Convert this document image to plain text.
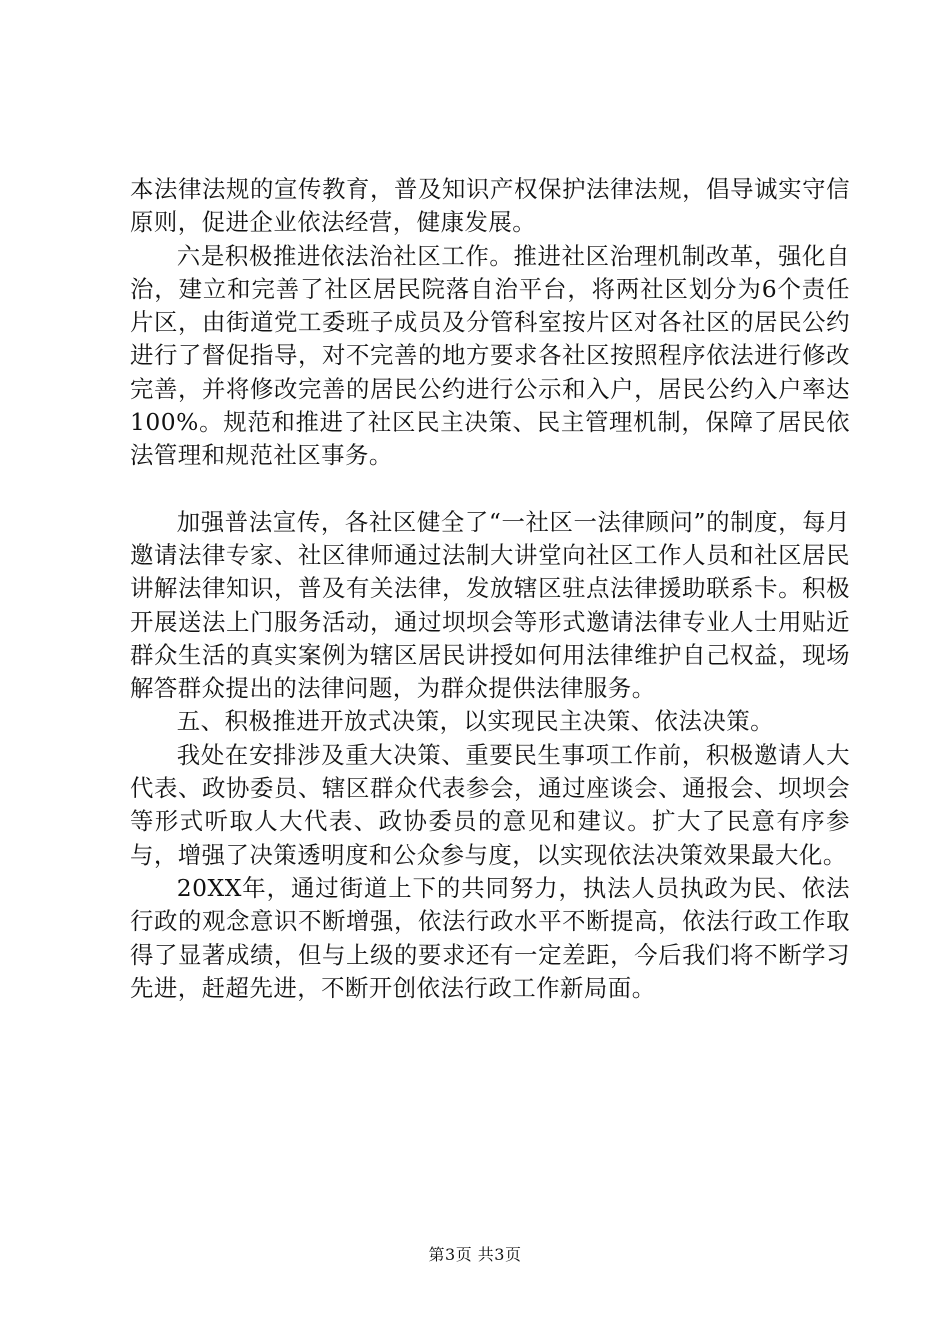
本法律法规的宣传教育，普及知识产权保护法律法规，倡导诚实守信原则，促进企业依法经营，健康发展。

六是积极推进依法治社区工作。推进社区治理机制改革，强化自治，建立和完善了社区居民院落自治平台，将两社区划分为6个责任片区，由街道党工委班子成员及分管科室按片区对各社区的居民公约进行了督促指导，对不完善的地方要求各社区按照程序依法进行修改完善，并将修改完善的居民公约进行公示和入户，居民公约入户率达100%。规范和推进了社区民主决策、民主管理机制，保障了居民依法管理和规范社区事务。

加强普法宣传，各社区健全了“一社区一法律顾问”的制度，每月邀请法律专家、社区律师通过法制大讲堂向社区工作人员和社区居民讲解法律知识，普及有关法律，发放辖区驻点法律援助联系卡。积极开展送法上门服务活动，通过坝坝会等形式邀请法律专业人士用贴近群众生活的真实案例为辖区居民讲授如何用法律维护自己权益，现场解答群众提出的法律问题，为群众提供法律服务。

五、积极推进开放式决策，以实现民主决策、依法决策。

我处在安排涉及重大决策、重要民生事项工作前，积极邀请人大代表、政协委员、辖区群众代表参会，通过座谈会、通报会、坝坝会等形式听取人大代表、政协委员的意见和建议。扩大了民意有序参与，增强了决策透明度和公众参与度，以实现依法决策效果最大化。

20XX年，通过街道上下的共同努力，执法人员执政为民、依法行政的观念意识不断增强，依法行政水平不断提高，依法行政工作取得了显著成绩，但与上级的要求还有一定差距，今后我们将不断学习先进，赶超先进，不断开创依法行政工作新局面。

第3页 共3页
